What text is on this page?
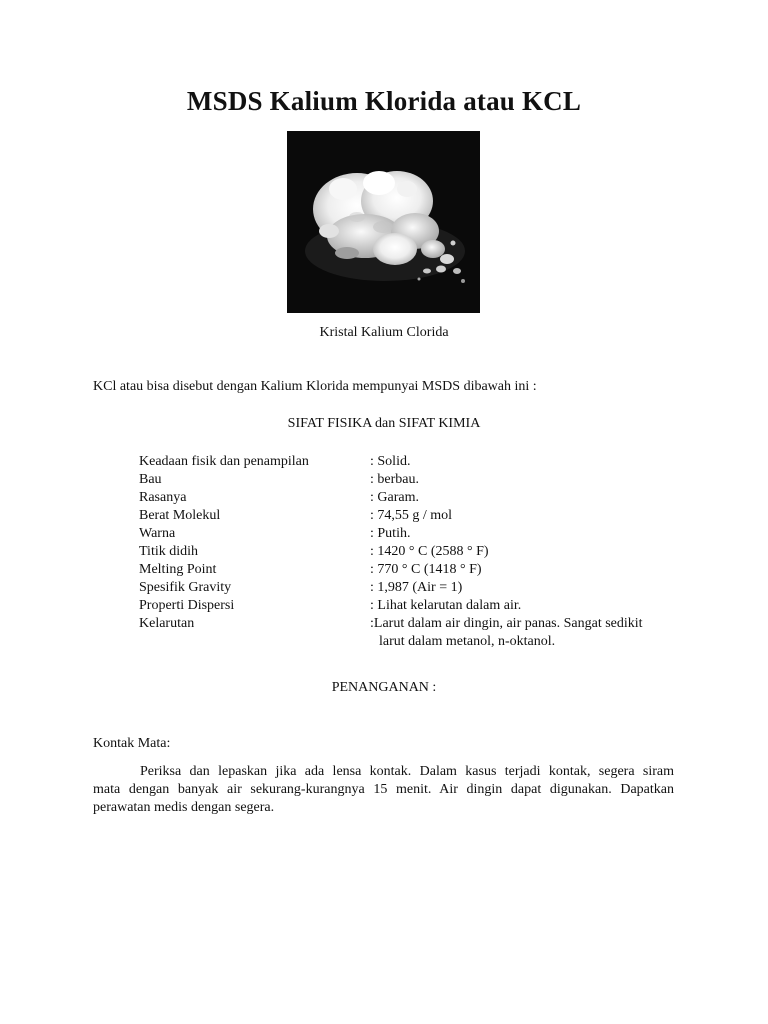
MSDS Kalium Klorida atau KCL
Kristal Kalium Clorida
KCl atau bisa disebut dengan Kalium Klorida mempunyai MSDS dibawah ini :
SIFAT FISIKA dan SIFAT KIMIA
Keadaan fisik dan penampilan	: Solid.
Bau	: berbau.
Rasanya	: Garam.
Berat Molekul	: 74,55 g / mol
Warna	: Putih.
Titik didih	: 1420 ° C (2588 ° F)
Melting Point	: 770 ° C (1418 ° F)
Spesifik Gravity	: 1,987 (Air = 1)
Properti Dispersi	: Lihat kelarutan dalam air.
Kelarutan	:Larut dalam air dingin, air panas. Sangat sedikit
larut dalam metanol, n-oktanol.
PENANGANAN :
Kontak Mata:
Periksa dan lepaskan jika ada lensa kontak. Dalam kasus terjadi kontak, segera siram
mata dengan banyak air sekurang-kurangnya 15 menit. Air dingin dapat digunakan. Dapatkan
perawatan medis dengan segera.
